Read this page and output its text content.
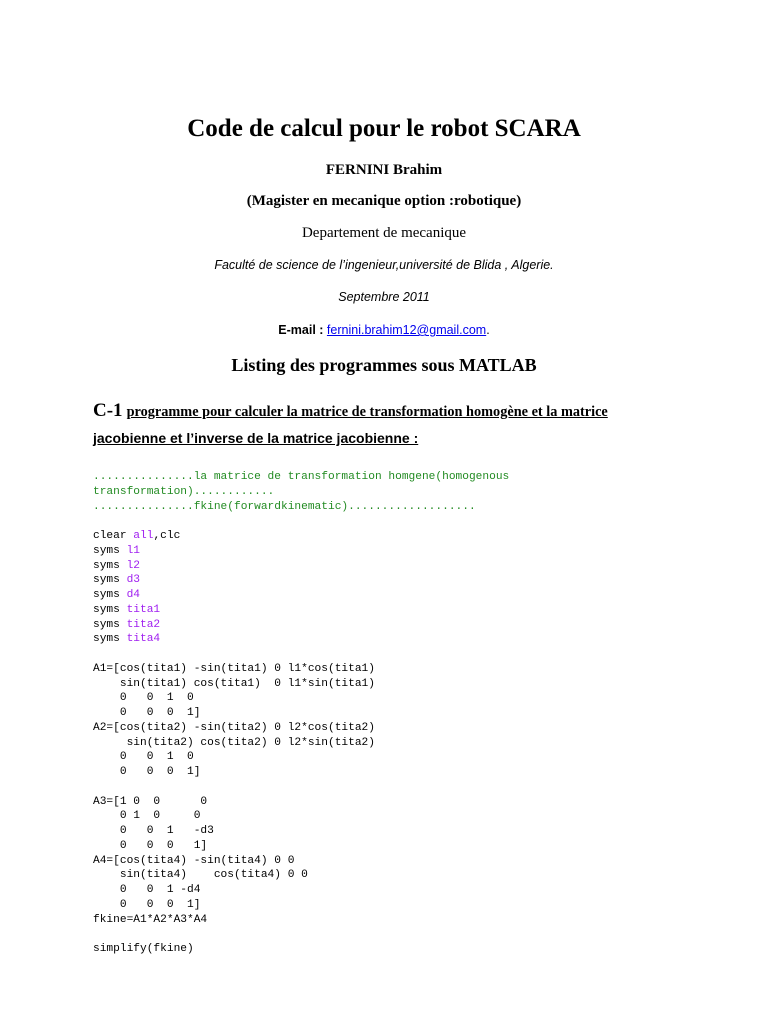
Code de calcul pour le robot SCARA
FERNINI Brahim
(Magister en mecanique option :robotique)
Departement de mecanique
Faculté de science de l’ingenieur,université de Blida , Algerie.
Septembre 2011
E-mail : fernini.brahim12@gmail.com.
Listing des programmes sous MATLAB
C-1 programme pour calculer la matrice de transformation homogène et la matrice
jacobienne et l’inverse de la matrice jacobienne :
...............la matrice de transformation homgene(homogenous
transformation)............
...............fkine(forwardkinematic)...................
clear all,clc
syms l1
syms l2
syms d3
syms d4
syms tita1
syms tita2
syms tita4
A1=[cos(tita1) -sin(tita1) 0 l1*cos(tita1)
sin(tita1) cos(tita1)  0 l1*sin(tita1)
0   0  1  0
0   0  0  1]
A2=[cos(tita2) -sin(tita2) 0 l2*cos(tita2)
sin(tita2) cos(tita2) 0 l2*sin(tita2)
0   0  1  0
0   0  0  1]
A3=[1 0  0      0
0 1  0     0
0   0  1   -d3
0   0  0   1]
A4=[cos(tita4) -sin(tita4) 0 0
sin(tita4)    cos(tita4) 0 0
0   0  1 -d4
0   0  0  1]
fkine=A1*A2*A3*A4
simplify(fkine)
